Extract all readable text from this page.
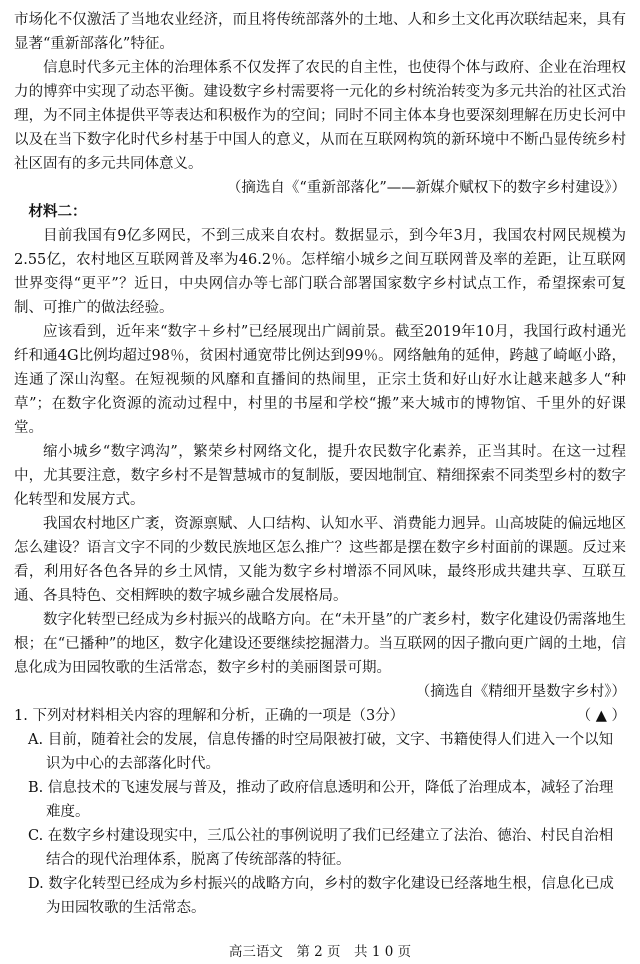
市场化不仅激活了当地农业经济，而且将传统部落外的土地、人和乡土文化再次联结起来，具有显著“重新部落化”特征。

信息时代多元主体的治理体系不仅发挥了农民的自主性，也使得个体与政府、企业在治理权力的博弈中实现了动态平衡。建设数字乡村需要将一元化的乡村统治转变为多元共治的社区式治理，为不同主体提供平等表达和积极作为的空间；同时不同主体本身也要深刻理解在历史长河中以及在当下数字化时代乡村基于中国人的意义，从而在互联网构筑的新环境中不断凸显传统乡村社区固有的多元共同体意义。

（摘选自《“重新部落化”——新媒介赋权下的数字乡村建设》）

材料二：

目前我国有9亿多网民，不到三成来自农村。数据显示，到今年3月，我国农村网民规模为2.55亿，农村地区互联网普及率为46.2％。怎样缩小城乡之间互联网普及率的差距，让互联网世界变得“更平”？近日，中央网信办等七部门联合部署国家数字乡村试点工作，希望探索可复制、可推广的做法经验。

应该看到，近年来“数字＋乡村”已经展现出广阔前景。截至2019年10月，我国行政村通光纤和通4G比例均超过98％，贫困村通宽带比例达到99％。网络触角的延伸，跨越了崎岖小路，连通了深山沟壑。在短视频的风靡和直播间的热闹里，正宗土货和好山好水让越来越多人“种草”；在数字化资源的流动过程中，村里的书屋和学校“搬”来大城市的博物馆、千里外的好课堂。

缩小城乡“数字鸿沟”，繁荣乡村网络文化，提升农民数字化素养，正当其时。在这一过程中，尤其要注意，数字乡村不是智慧城市的复制版，要因地制宜、精细探索不同类型乡村的数字化转型和发展方式。

我国农村地区广袤，资源禀赋、人口结构、认知水平、消费能力迥异。山高坡陡的偏远地区怎么建设？语言文字不同的少数民族地区怎么推广？这些都是摆在数字乡村面前的课题。反过来看，利用好各色各异的乡土风情，又能为数字乡村增添不同风味，最终形成共建共享、互联互通、各具特色、交相辉映的数字城乡融合发展格局。

数字化转型已经成为乡村振兴的战略方向。在“未开垦”的广袤乡村，数字化建设仍需落地生根；在“已播种”的地区，数字化建设还要继续挖掘潜力。当互联网的因子撒向更广阔的土地，信息化成为田园牧歌的生活常态，数字乡村的美丽图景可期。

（摘选自《精细开垦数字乡村》）

1. 下列对材料相关内容的理解和分析，正确的一项是（3分）	（ ▲ ）

A. 目前，随着社会的发展，信息传播的时空局限被打破，文字、书籍使得人们进入一个以知识为中心的去部落化时代。

B. 信息技术的飞速发展与普及，推动了政府信息透明和公开，降低了治理成本，减轻了治理难度。

C. 在数字乡村建设现实中，三瓜公社的事例说明了我们已经建立了法治、德治、村民自治相结合的现代治理体系，脱离了传统部落的特征。

D. 数字化转型已经成为乡村振兴的战略方向，乡村的数字化建设已经落地生根，信息化已成为田园牧歌的生活常态。

高三语文　第 2 页　共 1 0 页
